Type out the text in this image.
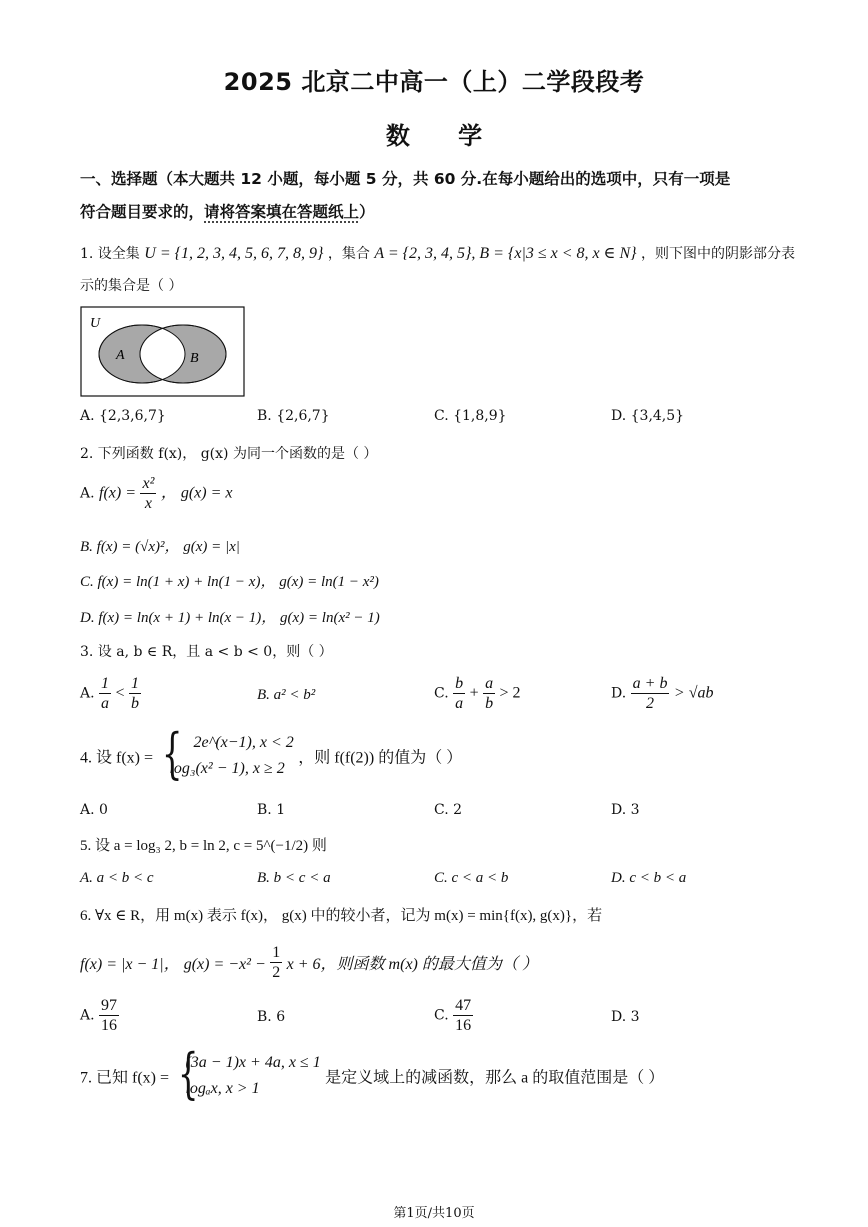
2025 北京二中高一（上）二学段段考
数 学
一、选择题（本大题共 12 小题，每小题 5 分，共 60 分.在每小题给出的选项中，只有一项是
符合题目要求的，请将答案填在答题纸上）
1. 设全集 U = {1, 2, 3, 4, 5, 6, 7, 8, 9} ，集合 A = {2, 3, 4, 5}, B = {x|3 ≤ x < 8, x ∈ N} ，则下图中的阴影部分表
示的集合是（ ）
U
A	B
A. {2,3,6,7}	B. {2,6,7}	C. {1,8,9}	D. {3,4,5}
2. 下列函数 f(x)， g(x) 为同一个函数的是（ ）
A. $f(x) = \frac{\text{x²}}{x}$ ， g(x) = x
B. f(x) = (√x)²， g(x) = |x|
C. f(x) = ln(1 + x) + ln(1 − x)， g(x) = ln(1 − x²)
D. f(x) = ln(x + 1) + ln(x − 1)， g(x) = ln(x² − 1)
3. 设 a, b ∈ R，且 a < b < 0，则（ ）
A. $\frac{1}{a} < \frac{1}{b}$	B. a² < b²	C. $\frac{b}{a} + \frac{a}{b} > 2$	D. $\frac{a + b}{2} > √ab$
4. 设 f(x) =
{ 2e^(x−1), x < 2
log₃(x² − 1), x ≥ 2
，则 f(f(2)) 的值为（ ）
A. 0	B. 1	C. 2	D. 3
5. 设 a = log₃ 2, b = ln 2, c = 5^(−1/2) 则
A. a < b < c	B. b < c < a	C. c < a < b	D. c < b < a
6. ∀x ∈ R，用 m(x) 表示 f(x)， g(x) 中的较小者，记为 m(x) = min{f(x), g(x)}，若
f(x) = |x − 1|， $g(x) = -x^2 - \frac{1}{2}$ x + 6，则函数 m(x) 的最大值为（ ）
A. $\frac{97}{16}$	B. 6	C. $\frac{47}{16}$	D. 3
7. 已知 f(x) =
{ (3a − 1)x + 4a, x ≤ 1
logₐx, x > 1
是定义域上的减函数，那么 a 的取值范围是（ ）
第1页/共10页
